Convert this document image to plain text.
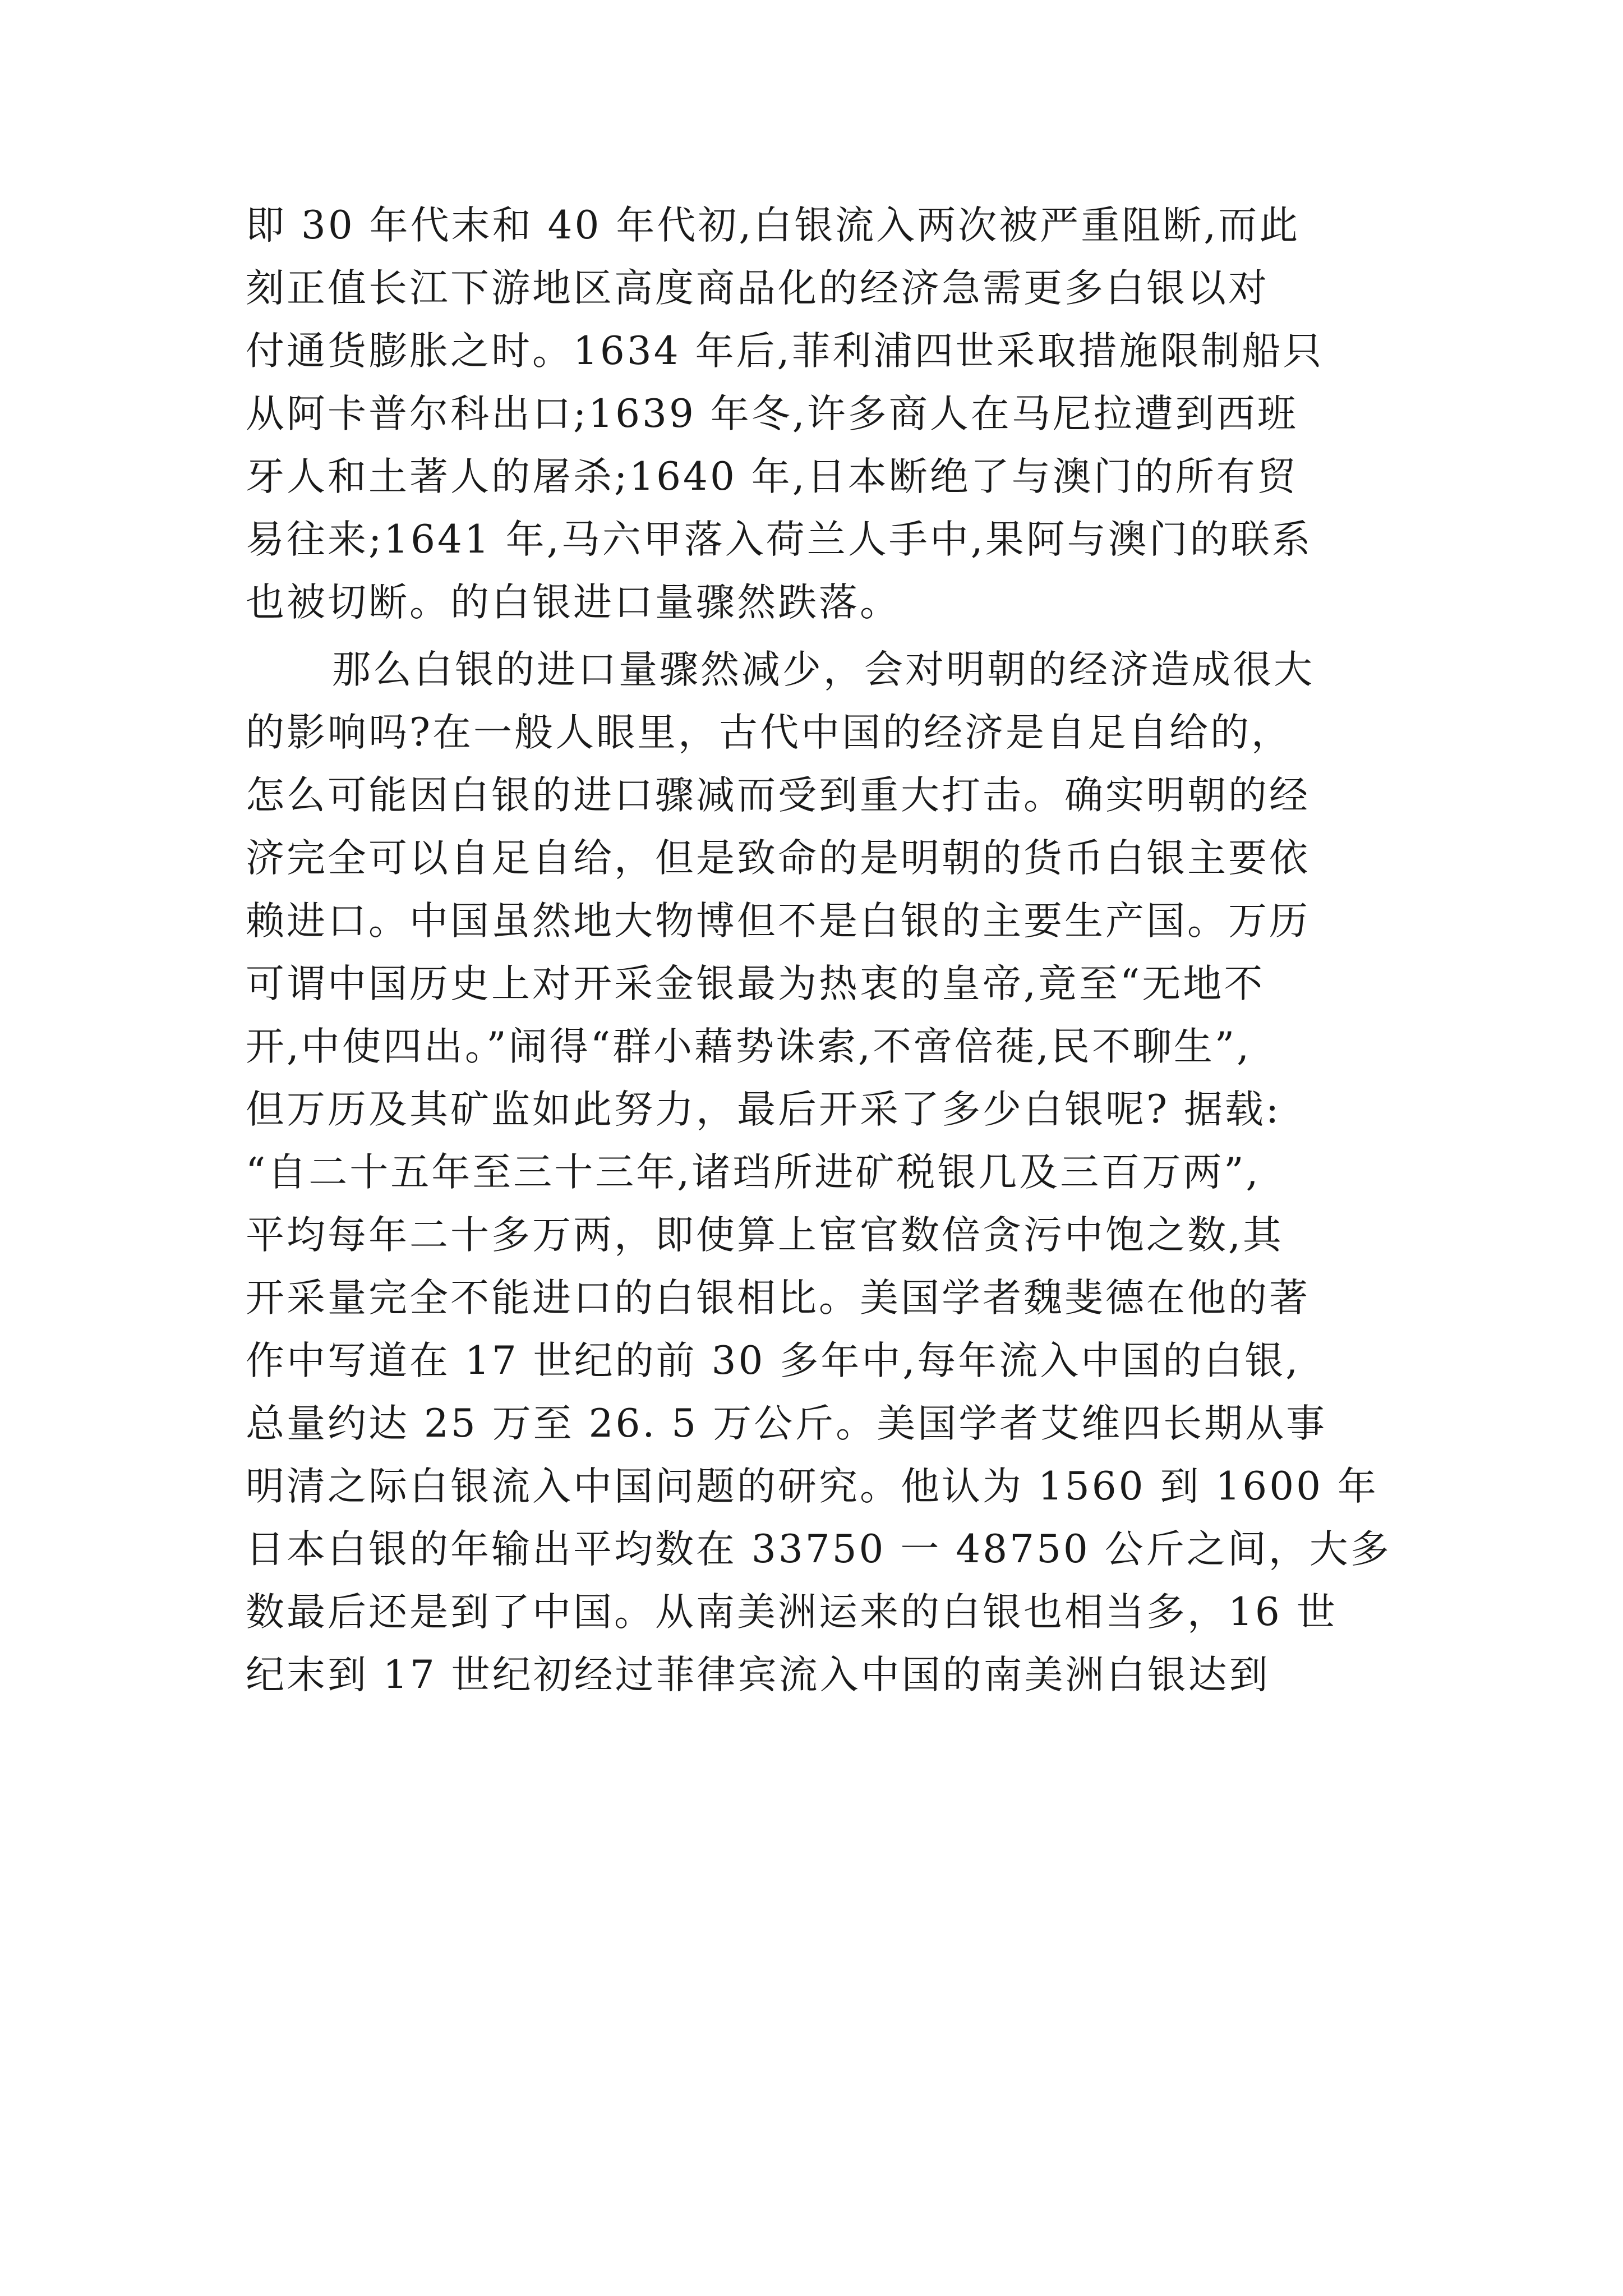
即 30 年代末和 40 年代初,白银流入两次被严重阻断,而此
刻正值长江下游地区高度商品化的经济急需更多白银以对
付通货膨胀之时。1634 年后,菲利浦四世采取措施限制船只
从阿卡普尔科出口;1639 年冬,许多商人在马尼拉遭到西班
牙人和土著人的屠杀;1640 年,日本断绝了与澳门的所有贸
易往来;1641 年,马六甲落入荷兰人手中,果阿与澳门的联系
也被切断。的白银进口量骤然跌落。
那么白银的进口量骤然减少，会对明朝的经济造成很大
的影响吗?在一般人眼里，古代中国的经济是自足自给的，
怎么可能因白银的进口骤减而受到重大打击。确实明朝的经
济完全可以自足自给，但是致命的是明朝的货币白银主要依
赖进口。中国虽然地大物博但不是白银的主要生产国。万历
可谓中国历史上对开采金银最为热衷的皇帝,竟至“无地不
开,中使四出。”闹得“群小藉势诛索,不啻倍蓰,民不聊生”,
但万历及其矿监如此努力，最后开采了多少白银呢? 据载:
“自二十五年至三十三年,诸珰所进矿税银几及三百万两”,
平均每年二十多万两，即使算上宦官数倍贪污中饱之数,其
开采量完全不能进口的白银相比。美国学者魏斐德在他的著
作中写道在 17 世纪的前 30 多年中,每年流入中国的白银,
总量约达 25 万至 26. 5 万公斤。美国学者艾维四长期从事
明清之际白银流入中国问题的研究。他认为 1560 到 1600 年
日本白银的年输出平均数在 33750 一 48750 公斤之间，大多
数最后还是到了中国。从南美洲运来的白银也相当多，16 世
纪末到 17 世纪初经过菲律宾流入中国的南美洲白银达到
